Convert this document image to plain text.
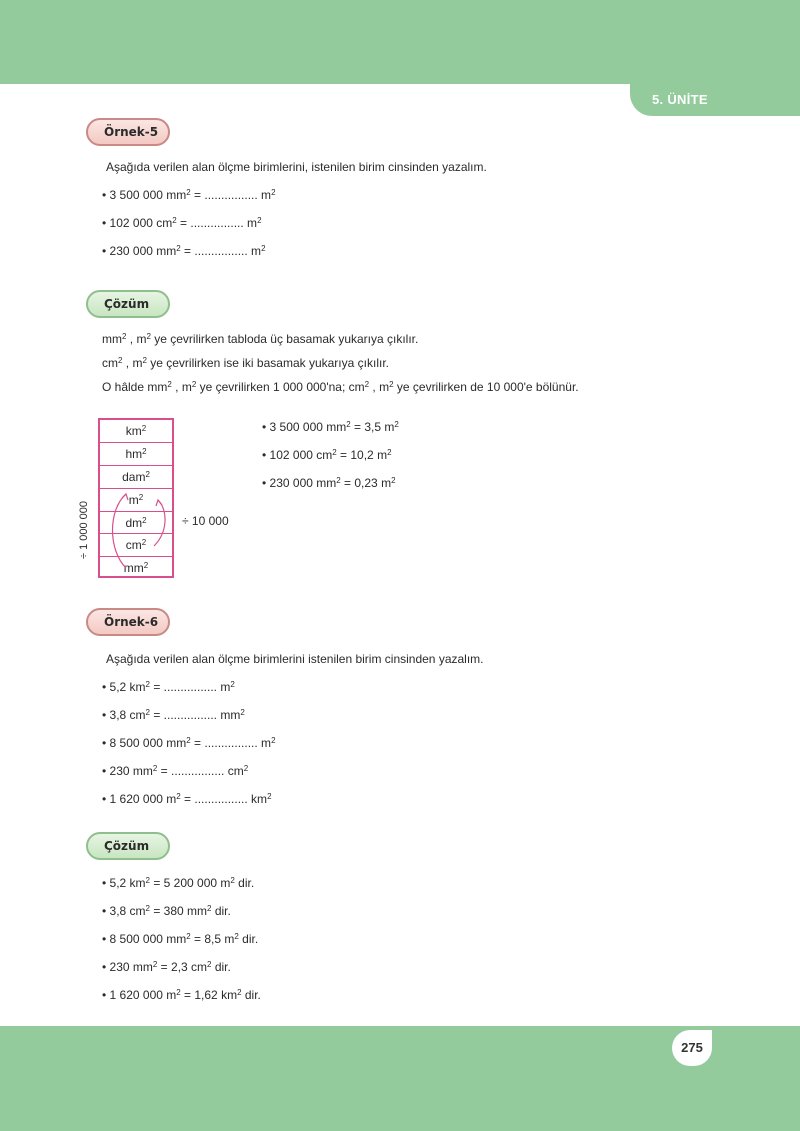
5. ÜNİTE
Örnek-5
Aşağıda verilen alan ölçme birimlerini, istenilen birim cinsinden yazalım.
• 3 500 000 $mm^2$ = ................ $m^2$
• 102 000 $cm^2$ = ................ $m^2$
• 230 000 $mm^2$ = ................ $m^2$
Çözüm
$mm^2$ , $m^2$ ye çevrilirken tabloda üç basamak yukarıya çıkılır.
$cm^2$ , $m^2$ ye çevrilirken ise iki basamak yukarıya çıkılır.
O hâlde $mm^2$ , $m^2$ ye çevrilirken 1 000 000'na; $cm^2$ , $m^2$ ye çevrilirken de 10 000'e bölünür.
$km^2$
$hm^2$
dam$^2$
$m^2$
$dm^2$
$cm^2$
$mm^2$
÷ 1 000 000	÷ 10 000
• 3 500 000 $mm^2 = 3,5$ $m^2$
• 102 000 $cm^2 = 10,2$ $m^2$
• 230 000 $mm^2 = 0,23$ $m^2$
Örnek-6
Aşağıda verilen alan ölçme birimlerini istenilen birim cinsinden yazalım.
• 5,2 $km^2$ = ................ $m^2$
• 3,8 $cm^2$ = ................ $mm^2$
• 8 500 000 $mm^2$ = ................ $m^2$
• 230 $mm^2$ = ................ $cm^2$
• 1 620 000 $m^2$ = ................ $km^2$
Çözüm
• 5,2 $km^2 = 5$ 200 000 $m^2$ dir.
• 3,8 $cm^2 = 380$ $mm^2$ dir.
• 8 500 000 $mm^2 = 8,5$ $m^2$ dir.
• 230 $mm^2 = 2,3$ $cm^2$ dir.
• 1 620 000 $m^2 = 1,62$ $km^2$ dir.
275
